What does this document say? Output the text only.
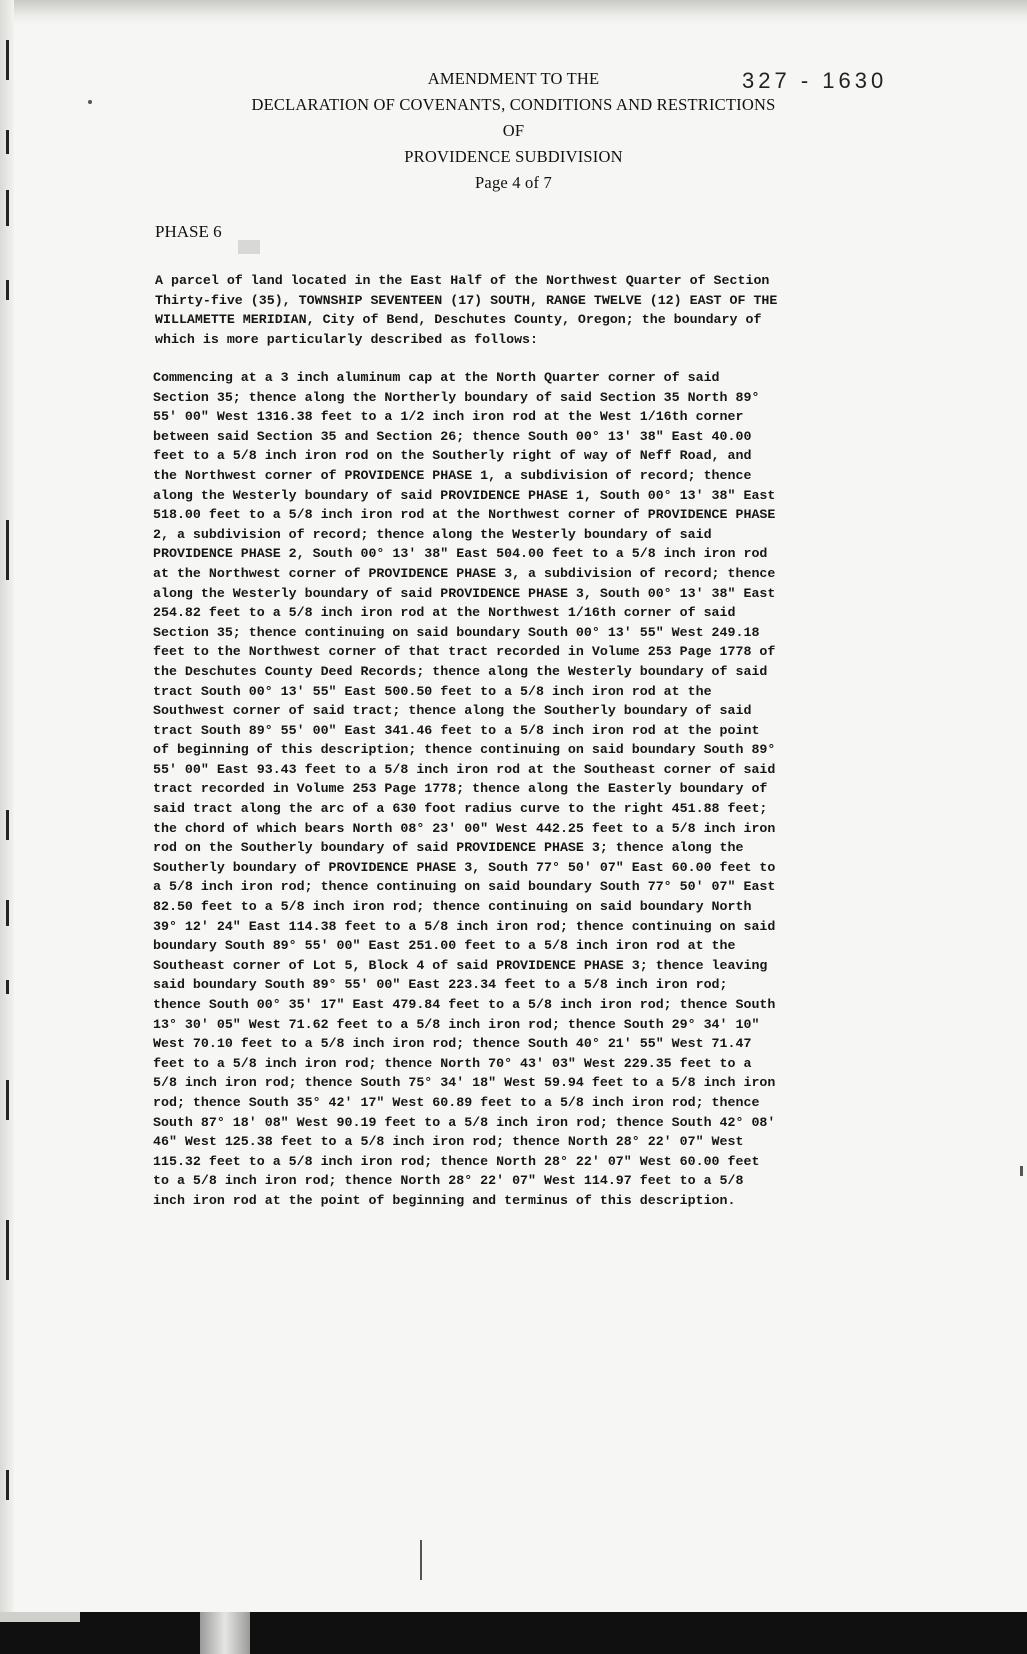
AMENDMENT TO THE
DECLARATION OF COVENANTS, CONDITIONS AND RESTRICTIONS
OF
PROVIDENCE SUBDIVISION
Page 4 of 7
327 - 1630
PHASE 6
A parcel of land located in the East Half of the Northwest Quarter of Section
Thirty-five (35), TOWNSHIP SEVENTEEN (17) SOUTH, RANGE TWELVE (12) EAST OF THE
WILLAMETTE MERIDIAN, City of Bend, Deschutes County, Oregon; the boundary of
which is more particularly described as follows:
Commencing at a 3 inch aluminum cap at the North Quarter corner of said
Section 35; thence along the Northerly boundary of said Section 35 North 89°
55' 00" West 1316.38 feet to a 1/2 inch iron rod at the West 1/16th corner
between said Section 35 and Section 26; thence South 00° 13' 38" East 40.00
feet to a 5/8 inch iron rod on the Southerly right of way of Neff Road, and
the Northwest corner of PROVIDENCE PHASE 1, a subdivision of record; thence
along the Westerly boundary of said PROVIDENCE PHASE 1, South 00° 13' 38" East
518.00 feet to a 5/8 inch iron rod at the Northwest corner of PROVIDENCE PHASE
2, a subdivision of record; thence along the Westerly boundary of said
PROVIDENCE PHASE 2, South 00° 13' 38" East 504.00 feet to a 5/8 inch iron rod
at the Northwest corner of PROVIDENCE PHASE 3, a subdivision of record; thence
along the Westerly boundary of said PROVIDENCE PHASE 3, South 00° 13' 38" East
254.82 feet to a 5/8 inch iron rod at the Northwest 1/16th corner of said
Section 35; thence continuing on said boundary South 00° 13' 55" West 249.18
feet to the Northwest corner of that tract recorded in Volume 253 Page 1778 of
the Deschutes County Deed Records; thence along the Westerly boundary of said
tract South 00° 13' 55" East 500.50 feet to a 5/8 inch iron rod at the
Southwest corner of said tract; thence along the Southerly boundary of said
tract South 89° 55' 00" East 341.46 feet to a 5/8 inch iron rod at the point
of beginning of this description; thence continuing on said boundary South 89°
55' 00" East 93.43 feet to a 5/8 inch iron rod at the Southeast corner of said
tract recorded in Volume 253 Page 1778; thence along the Easterly boundary of
said tract along the arc of a 630 foot radius curve to the right 451.88 feet;
the chord of which bears North 08° 23' 00" West 442.25 feet to a 5/8 inch iron
rod on the Southerly boundary of said PROVIDENCE PHASE 3; thence along the
Southerly boundary of PROVIDENCE PHASE 3, South 77° 50' 07" East 60.00 feet to
a 5/8 inch iron rod; thence continuing on said boundary South 77° 50' 07" East
82.50 feet to a 5/8 inch iron rod; thence continuing on said boundary North
39° 12' 24" East 114.38 feet to a 5/8 inch iron rod; thence continuing on said
boundary South 89° 55' 00" East 251.00 feet to a 5/8 inch iron rod at the
Southeast corner of Lot 5, Block 4 of said PROVIDENCE PHASE 3; thence leaving
said boundary South 89° 55' 00" East 223.34 feet to a 5/8 inch iron rod;
thence South 00° 35' 17" East 479.84 feet to a 5/8 inch iron rod; thence South
13° 30' 05" West 71.62 feet to a 5/8 inch iron rod; thence South 29° 34' 10"
West 70.10 feet to a 5/8 inch iron rod; thence South 40° 21' 55" West 71.47
feet to a 5/8 inch iron rod; thence North 70° 43' 03" West 229.35 feet to a
5/8 inch iron rod; thence South 75° 34' 18" West 59.94 feet to a 5/8 inch iron
rod; thence South 35° 42' 17" West 60.89 feet to a 5/8 inch iron rod; thence
South 87° 18' 08" West 90.19 feet to a 5/8 inch iron rod; thence South 42° 08'
46" West 125.38 feet to a 5/8 inch iron rod; thence North 28° 22' 07" West
115.32 feet to a 5/8 inch iron rod; thence North 28° 22' 07" West 60.00 feet
to a 5/8 inch iron rod; thence North 28° 22' 07" West 114.97 feet to a 5/8
inch iron rod at the point of beginning and terminus of this description.
